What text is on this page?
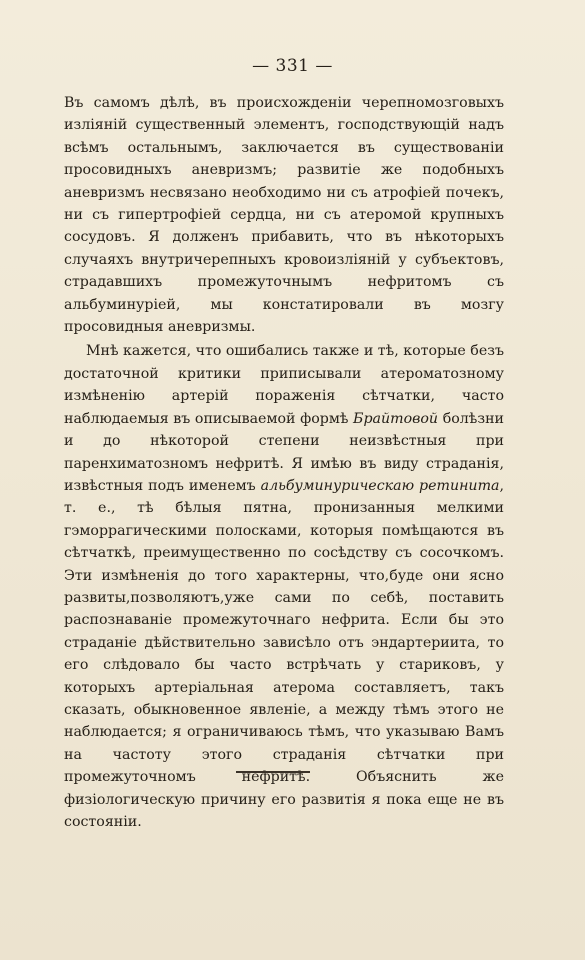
— 331 —

Въ самомъ дѣлѣ, въ происхожденіи черепномозговыхъ изліяній существенный элементъ, господствующій надъ всѣмъ остальнымъ, заключается въ существованіи просовидныхъ аневризмъ; развитіе же подобныхъ аневризмъ несвязано необходимо ни съ атрофіей почекъ, ни съ гипертрофіей сердца, ни съ атеромой крупныхъ сосудовъ. Я долженъ прибавить, что въ нѣкоторыхъ случаяхъ внутричерепныхъ кровоизліяній у субъектовъ, страдавшихъ промежуточнымъ нефритомъ съ альбуминуріей, мы констатировали въ мозгу просовидныя аневризмы.

Мнѣ кажется, что ошибались также и тѣ, которые безъ достаточной критики приписывали атероматозному измѣненію артерій пораженія сѣтчатки, часто наблюдаемыя въ описываемой формѣ Брайтовой болѣзни и до нѣкоторой степени неизвѣстныя при паренхиматозномъ нефритѣ. Я имѣю въ виду страданія, извѣстныя подъ именемъ альбуминурическаю ретинита, т. е., тѣ бѣлыя пятна, пронизанныя мелкими гэморрагическими полосками, которыя помѣщаются въ сѣтчаткѣ, преимущественно по сосѣдству съ сосочкомъ. Эти измѣненія до того характерны, что,буде они ясно развиты,позволяютъ,уже сами по себѣ, поставить распознаваніе промежуточнаго нефрита. Если бы это страданіе дѣйствительно зависѣло отъ эндартериита, то его слѣдовало бы часто встрѣчать у стариковъ, у которыхъ артеріальная атерома составляетъ, такъ сказать, обыкновенное явленіе, а между тѣмъ этого не наблюдается; я ограничиваюсь тѣмъ, что указываю Вамъ на частоту этого страданія сѣтчатки при промежуточномъ нефритѣ. Объяснить же физіологическую причину его развитія я пока еще не въ состояніи.
